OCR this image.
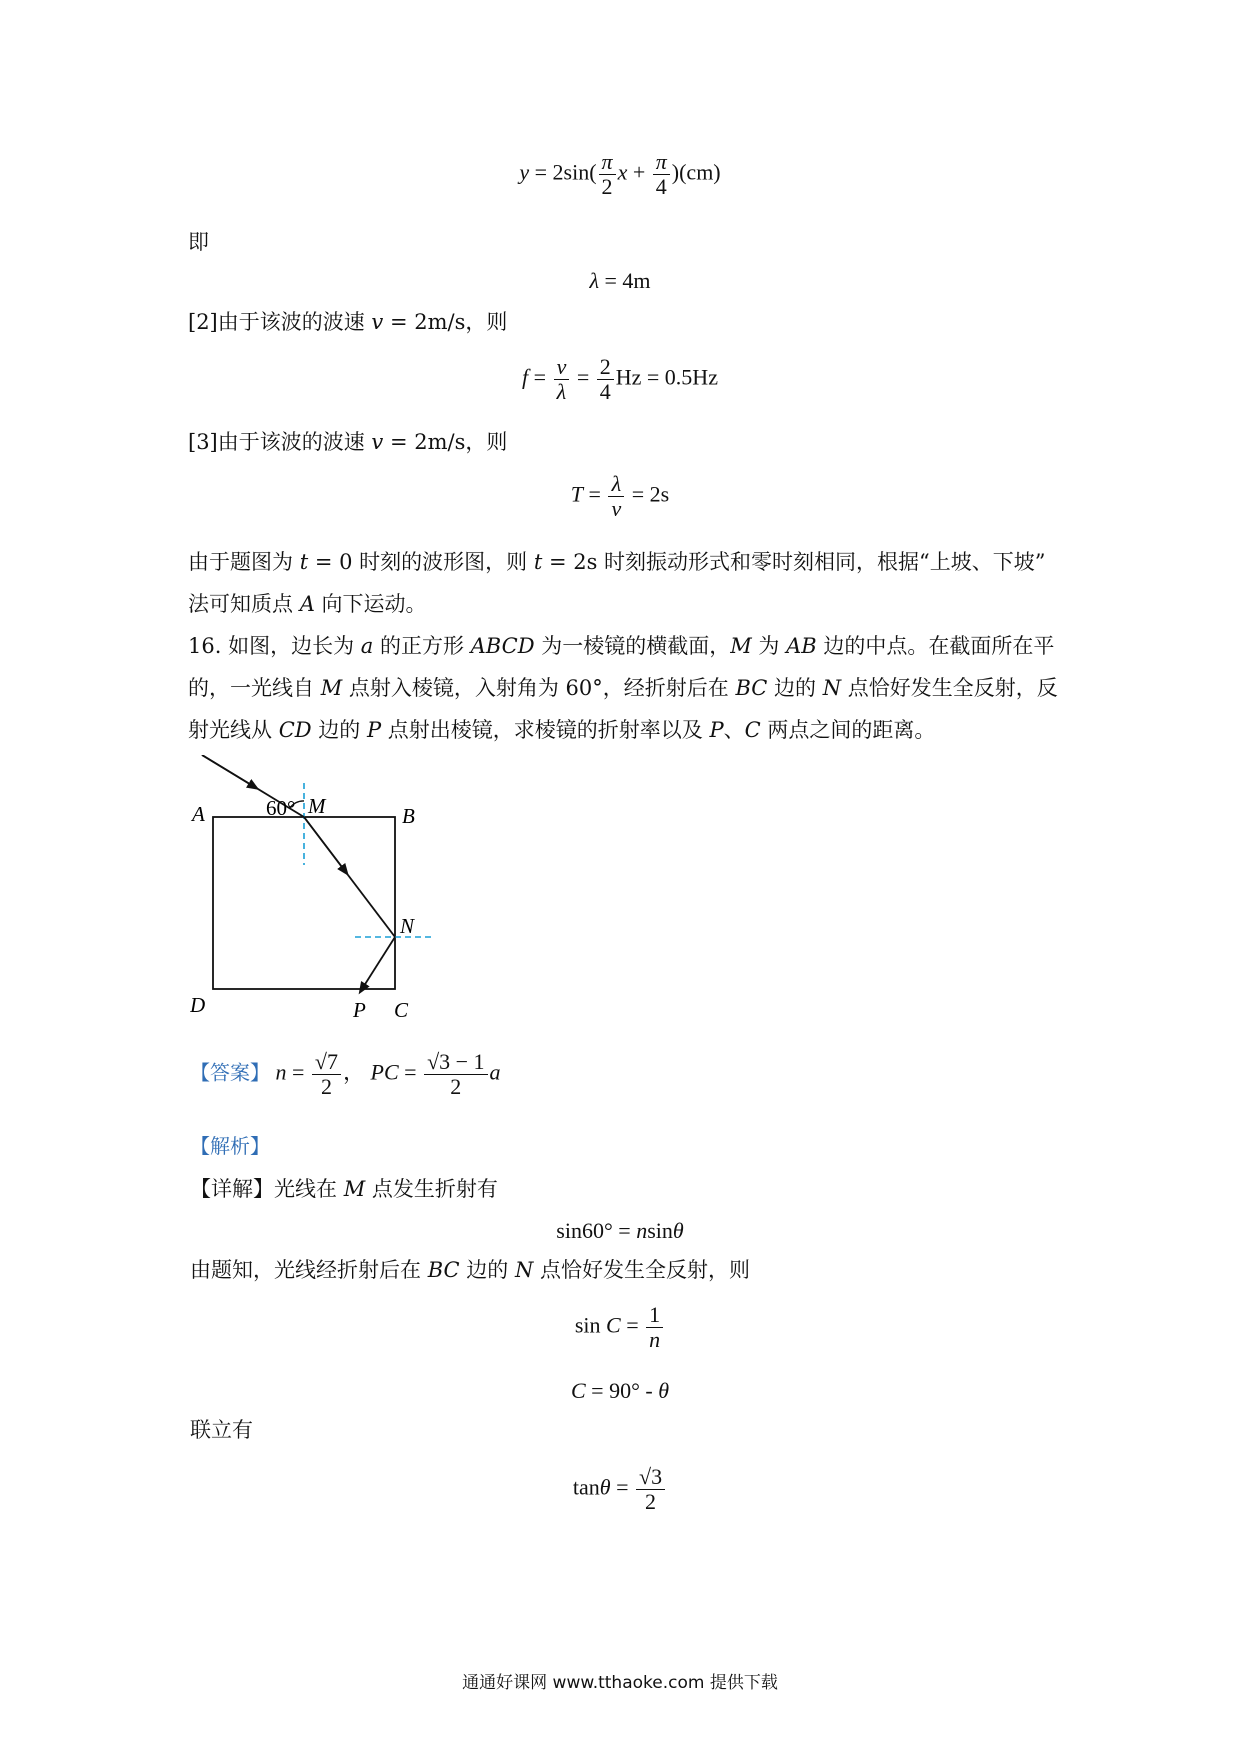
$y = 2\sin( \frac{\pi}{2}$ $x + \frac{\pi}{4} )(cm)$
即
λ = 4m
[2]由于该波的波速 v = 2m/s，则
$f = \frac{v}{\lambda} = \frac{2}{4}$ Hz = 0.5Hz
[3]由于该波的波速 v = 2m/s，则
$T = \frac{\lambda}{v} = 2s$
由于题图为 t = 0 时刻的波形图，则 t = 2s 时刻振动形式和零时刻相同，根据“上坡、下坡”
法可知质点 A 向下运动。
16. 如图，边长为 a 的正方形 ABCD 为一棱镜的横截面，M 为 AB 边的中点。在截面所在平
的，一光线自 M 点射入棱镜，入射角为 60°，经折射后在 BC 边的 N 点恰好发生全反射，反
射光线从 CD 边的 P 点射出棱镜，求棱镜的折射率以及 P、C 两点之间的距离。
60° M
A	B
N
D	P C
【答案】 $n = \frac{√7}{2}$ ， PC = $\frac{√3 - 1}{2}$ a
【解析】
【详解】光线在 M 点发生折射有
sin60° = nsinθ
由题知，光线经折射后在 BC 边的 N 点恰好发生全反射，则
$\sin C = \frac{1}{n}$
C = 90° - θ
联立有
$\tan\theta = \frac{√3}{2}$
通通好课网 www.tthaoke.com 提供下载
